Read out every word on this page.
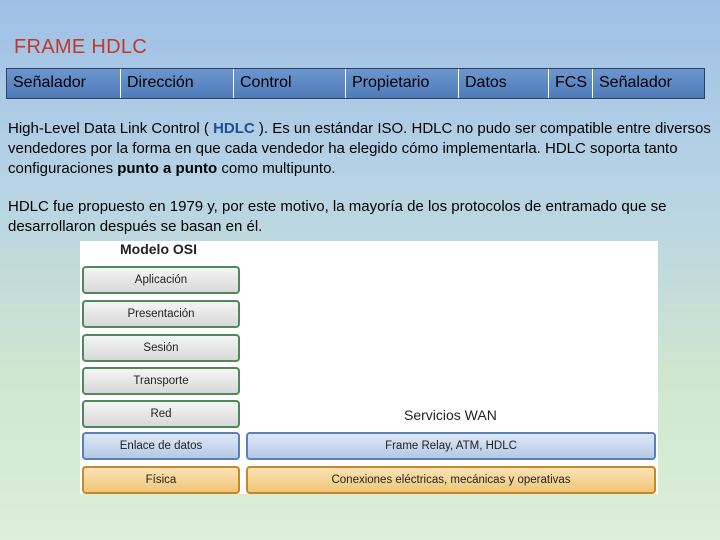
FRAME HDLC
Señalador	Dirección	Control	Propietario	Datos	FCS Señalador
High-Level Data Link Control ( HDLC ). Es un estándar ISO. HDLC no pudo ser compatible entre diversos vendedores por la forma en que cada vendedor ha elegido cómo implementarla. HDLC soporta tanto configuraciones punto a punto como multipunto.
HDLC fue propuesto en 1979 y, por este motivo, la mayoría de los protocolos de entramado que se desarrollaron después se basan en él.
Modelo OSI
Aplicación
Presentación
Sesión
Transporte
Red
Enlace de datos
Física
Servicios WAN
Frame Relay, ATM, HDLC
Conexiones eléctricas, mecánicas y operativas
